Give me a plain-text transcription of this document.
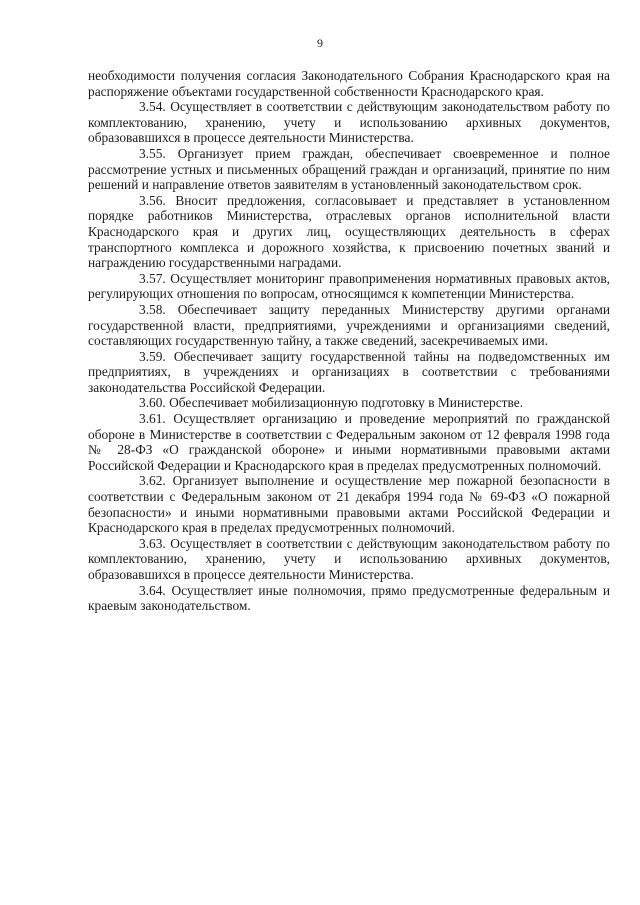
9

необходимости получения согласия Законодательного Собрания Краснодарского края на распоряжение объектами государственной собственности Краснодарского края.

3.54. Осуществляет в соответствии с действующим законодательством работу по комплектованию, хранению, учету и использованию архивных документов, образовавшихся в процессе деятельности Министерства.

3.55. Организует прием граждан, обеспечивает своевременное и полное рассмотрение устных и письменных обращений граждан и организаций, принятие по ним решений и направление ответов заявителям в установленный законодательством срок.

3.56. Вносит предложения, согласовывает и представляет в установленном порядке работников Министерства, отраслевых органов исполнительной власти Краснодарского края и других лиц, осуществляющих деятельность в сферах транспортного комплекса и дорожного хозяйства, к присвоению почетных званий и награждению государственными наградами.

3.57. Осуществляет мониторинг правоприменения нормативных правовых актов, регулирующих отношения по вопросам, относящимся к компетенции Министерства.

3.58. Обеспечивает защиту переданных Министерству другими органами государственной власти, предприятиями, учреждениями и организациями сведений, составляющих государственную тайну, а также сведений, засекречиваемых ими.

3.59. Обеспечивает защиту государственной тайны на подведомственных им предприятиях, в учреждениях и организациях в соответствии с требованиями законодательства Российской Федерации.

3.60. Обеспечивает мобилизационную подготовку в Министерстве.

3.61. Осуществляет организацию и проведение мероприятий по гражданской обороне в Министерстве в соответствии с Федеральным законом от 12 февраля 1998 года № 28-ФЗ «О гражданской обороне» и иными нормативными правовыми актами Российской Федерации и Краснодарского края в пределах предусмотренных полномочий.

3.62. Организует выполнение и осуществление мер пожарной безопасности в соответствии с Федеральным законом от 21 декабря 1994 года № 69-ФЗ «О пожарной безопасности» и иными нормативными правовыми актами Российской Федерации и Краснодарского края в пределах предусмотренных полномочий.

3.63. Осуществляет в соответствии с действующим законодательством работу по комплектованию, хранению, учету и использованию архивных документов, образовавшихся в процессе деятельности Министерства.

3.64. Осуществляет иные полномочия, прямо предусмотренные федеральным и краевым законодательством.
